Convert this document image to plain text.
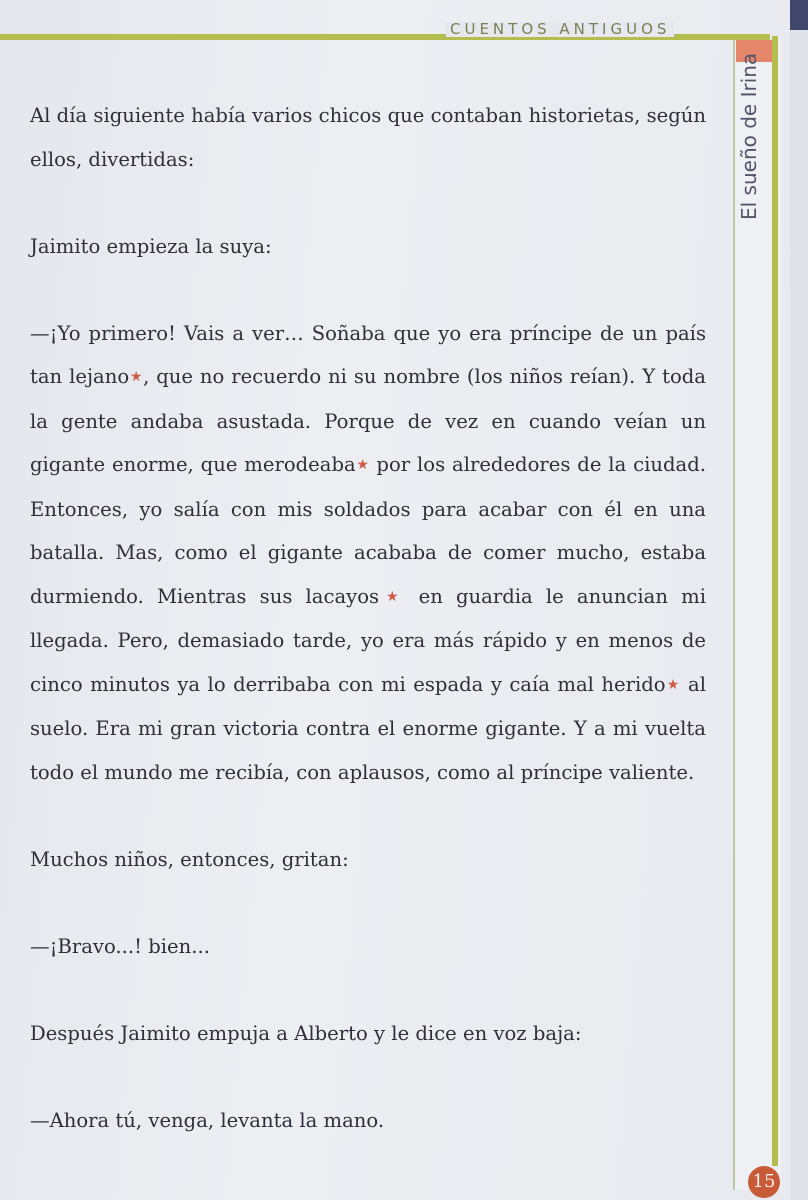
CUENTOS ANTIGUOS
El sueño de Irina

Al día siguiente había varios chicos que contaban historietas, según ellos, divertidas:

Jaimito empieza la suya:

—¡Yo primero! Vais a ver… Soñaba que yo era príncipe de un país tan lejano★, que no recuerdo ni su nombre (los niños reían). Y toda la gente andaba asustada. Porque de vez en cuando veían un gigante enorme, que merodeaba★ por los alrededores de la ciudad. Entonces, yo salía con mis soldados para acabar con él en una batalla. Mas, como el gigante acababa de comer mucho, estaba durmiendo. Mientras sus lacayos★ en guardia le anuncian mi llegada. Pero, demasiado tarde, yo era más rápido y en menos de cinco minutos ya lo derribaba con mi espada y caía mal herido★ al suelo. Era mi gran victoria contra el enorme gigante. Y a mi vuelta todo el mundo me recibía, con aplausos, como al príncipe valiente.

Muchos niños, entonces, gritan:

—¡Bravo...! bien...

Después Jaimito empuja a Alberto y le dice en voz baja:

—Ahora tú, venga, levanta la mano.

15
